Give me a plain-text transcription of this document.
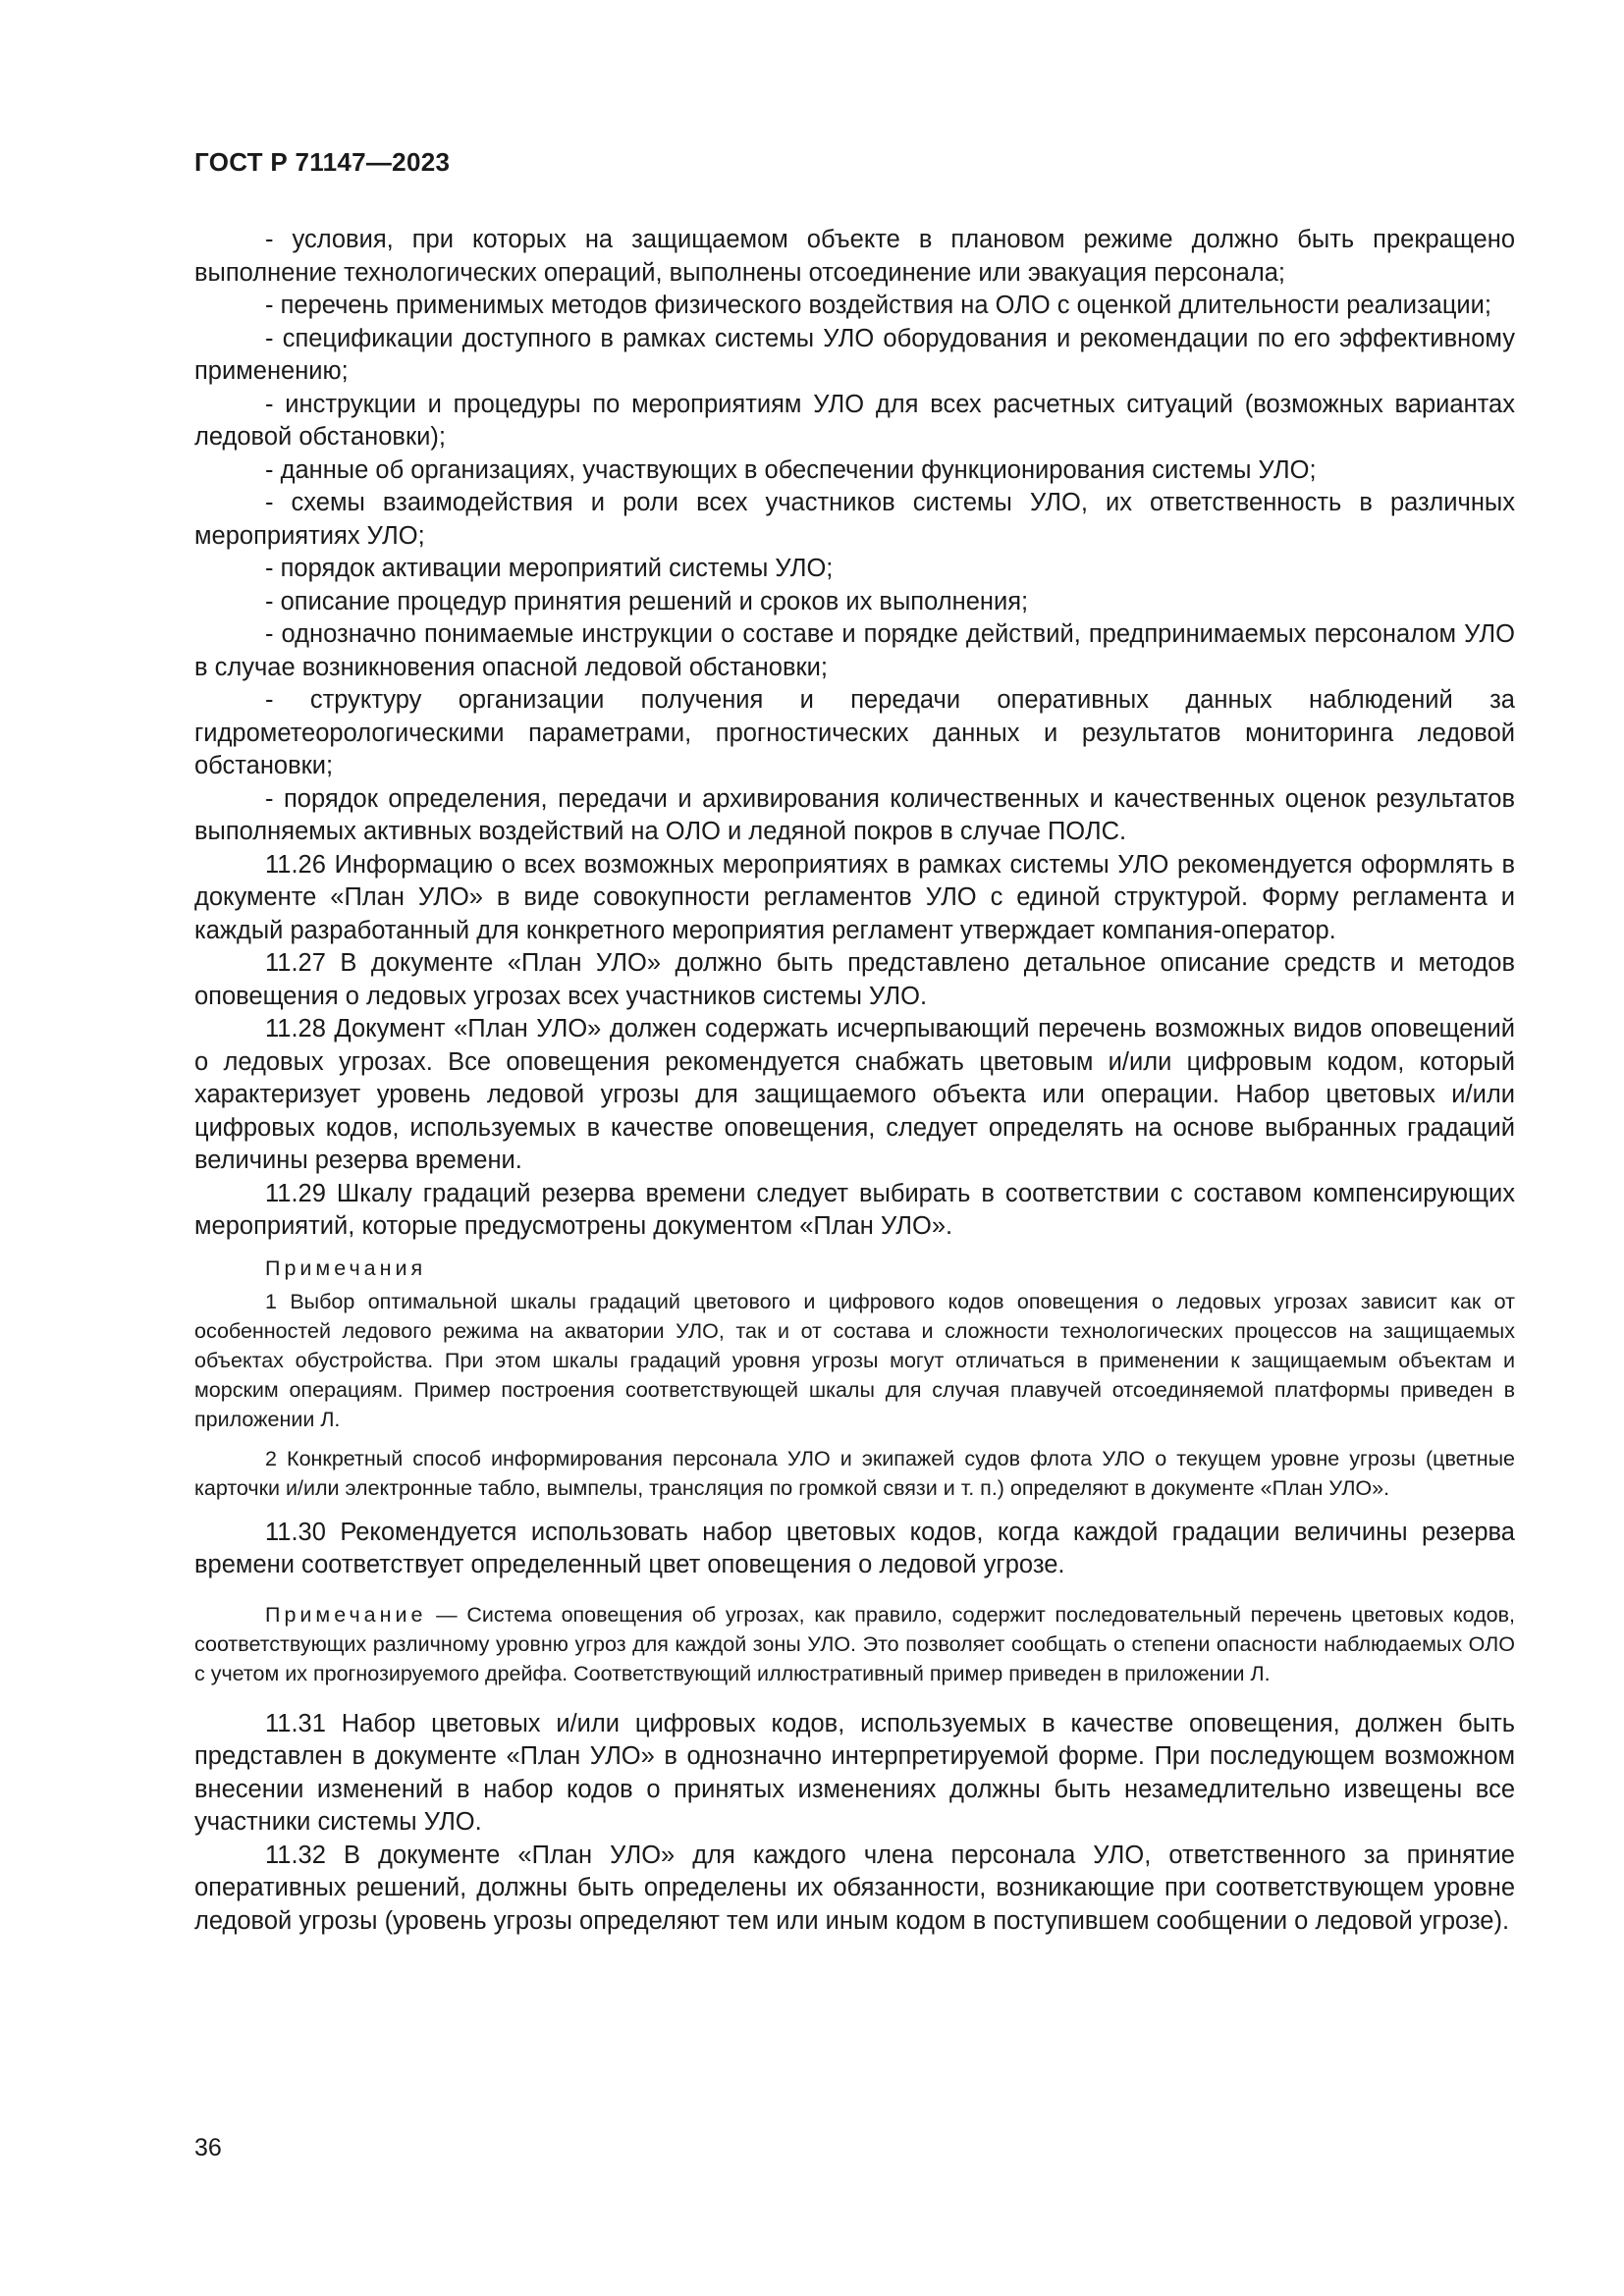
ГОСТ Р 71147—2023

- условия, при которых на защищаемом объекте в плановом режиме должно быть прекращено выполнение технологических операций, выполнены отсоединение или эвакуация персонала;

- перечень применимых методов физического воздействия на ОЛО с оценкой длительности реализации;

- спецификации доступного в рамках системы УЛО оборудования и рекомендации по его эффективному применению;

- инструкции и процедуры по мероприятиям УЛО для всех расчетных ситуаций (возможных вариантах ледовой обстановки);

- данные об организациях, участвующих в обеспечении функционирования системы УЛО;

- схемы взаимодействия и роли всех участников системы УЛО, их ответственность в различных мероприятиях УЛО;

- порядок активации мероприятий системы УЛО;

- описание процедур принятия решений и сроков их выполнения;

- однозначно понимаемые инструкции о составе и порядке действий, предпринимаемых персоналом УЛО в случае возникновения опасной ледовой обстановки;

- структуру организации получения и передачи оперативных данных наблюдений за гидрометеорологическими параметрами, прогностических данных и результатов мониторинга ледовой обстановки;

- порядок определения, передачи и архивирования количественных и качественных оценок результатов выполняемых активных воздействий на ОЛО и ледяной покров в случае ПОЛС.

11.26 Информацию о всех возможных мероприятиях в рамках системы УЛО рекомендуется оформлять в документе «План УЛО» в виде совокупности регламентов УЛО с единой структурой. Форму регламента и каждый разработанный для конкретного мероприятия регламент утверждает компания-оператор.

11.27 В документе «План УЛО» должно быть представлено детальное описание средств и методов оповещения о ледовых угрозах всех участников системы УЛО.

11.28 Документ «План УЛО» должен содержать исчерпывающий перечень возможных видов оповещений о ледовых угрозах. Все оповещения рекомендуется снабжать цветовым и/или цифровым кодом, который характеризует уровень ледовой угрозы для защищаемого объекта или операции. Набор цветовых и/или цифровых кодов, используемых в качестве оповещения, следует определять на основе выбранных градаций величины резерва времени.

11.29 Шкалу градаций резерва времени следует выбирать в соответствии с составом компенсирующих мероприятий, которые предусмотрены документом «План УЛО».

Примечания

1 Выбор оптимальной шкалы градаций цветового и цифрового кодов оповещения о ледовых угрозах зависит как от особенностей ледового режима на акватории УЛО, так и от состава и сложности технологических процессов на защищаемых объектах обустройства. При этом шкалы градаций уровня угрозы могут отличаться в применении к защищаемым объектам и морским операциям. Пример построения соответствующей шкалы для случая плавучей отсоединяемой платформы приведен в приложении Л.

2 Конкретный способ информирования персонала УЛО и экипажей судов флота УЛО о текущем уровне угрозы (цветные карточки и/или электронные табло, вымпелы, трансляция по громкой связи и т. п.) определяют в документе «План УЛО».

11.30 Рекомендуется использовать набор цветовых кодов, когда каждой градации величины резерва времени соответствует определенный цвет оповещения о ледовой угрозе.

Примечание — Система оповещения об угрозах, как правило, содержит последовательный перечень цветовых кодов, соответствующих различному уровню угроз для каждой зоны УЛО. Это позволяет сообщать о степени опасности наблюдаемых ОЛО с учетом их прогнозируемого дрейфа. Соответствующий иллюстративный пример приведен в приложении Л.

11.31 Набор цветовых и/или цифровых кодов, используемых в качестве оповещения, должен быть представлен в документе «План УЛО» в однозначно интерпретируемой форме. При последующем возможном внесении изменений в набор кодов о принятых изменениях должны быть незамедлительно извещены все участники системы УЛО.

11.32 В документе «План УЛО» для каждого члена персонала УЛО, ответственного за принятие оперативных решений, должны быть определены их обязанности, возникающие при соответствующем уровне ледовой угрозы (уровень угрозы определяют тем или иным кодом в поступившем сообщении о ледовой угрозе).

36
